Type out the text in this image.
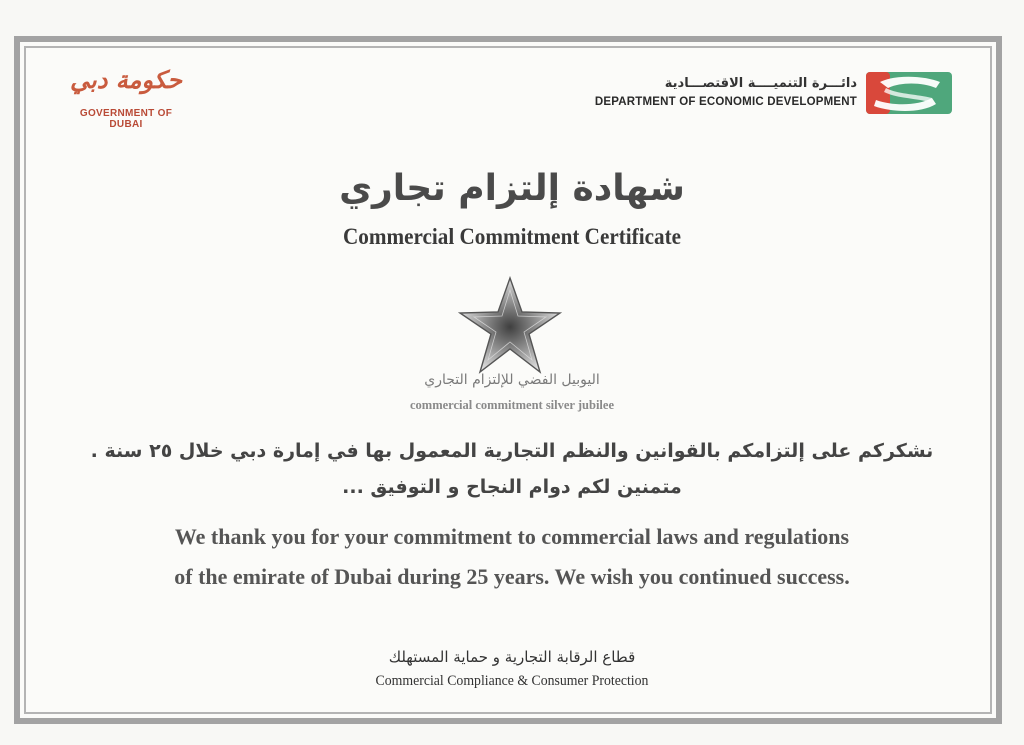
حكومة دبي
GOVERNMENT OF DUBAI
دائـــرة التنميــــة الاقتصـــادية
DEPARTMENT OF ECONOMIC DEVELOPMENT
شهادة إلتزام تجاري
Commercial Commitment Certificate
اليوبيل الفضي للإلتزام التجاري
commercial commitment silver jubilee
نشكركم على إلتزامكم بالقوانين والنظم التجارية المعمول بها في إمارة دبي خلال ٢٥ سنة .
متمنين لكم دوام النجاح و التوفيق ...
We thank you for your commitment to commercial laws and regulations
of the emirate of Dubai during 25 years. We wish you continued success.
قطاع الرقابة التجارية و حماية المستهلك
Commercial Compliance & Consumer Protection
